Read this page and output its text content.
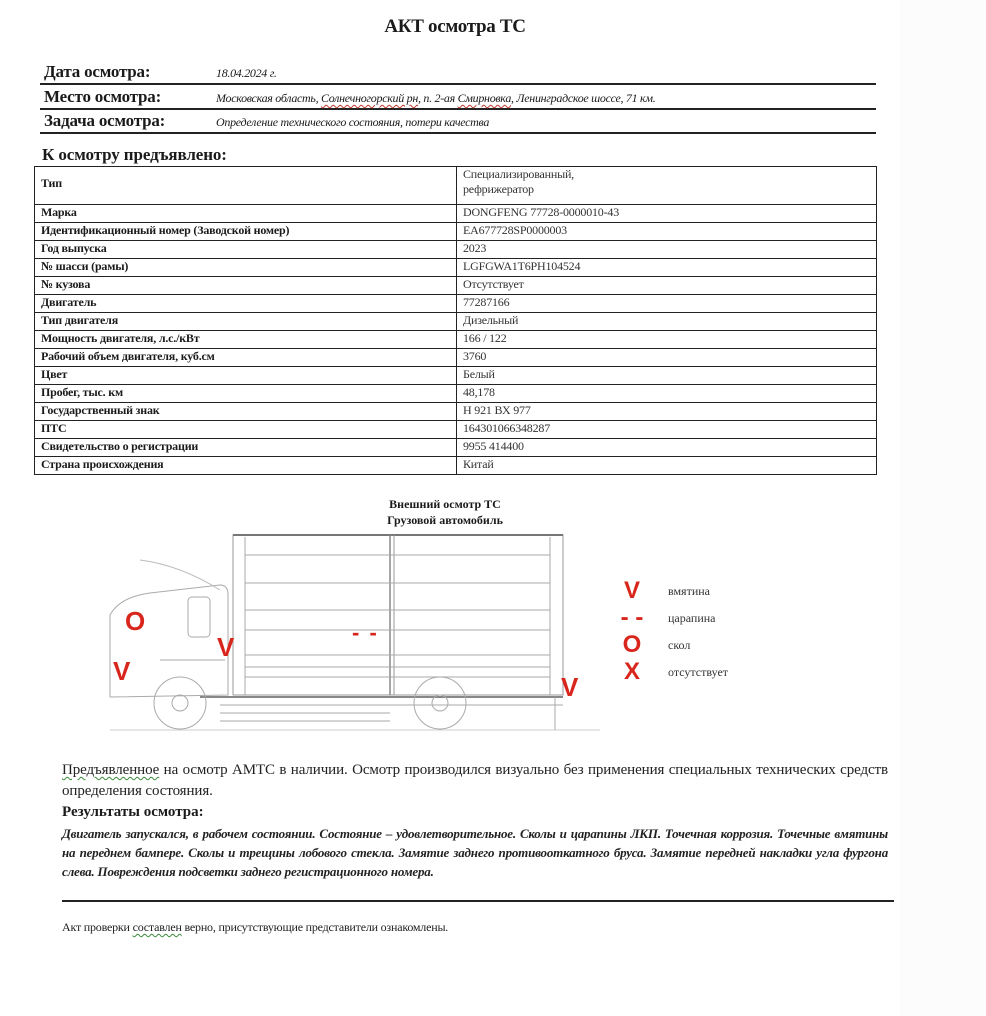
АКТ осмотра ТС
Дата осмотра:	18.04.2024 г.
Место осмотра:	Московская область, Солнечногорский рн, п. 2-ая Смирновка, Ленинградское шоссе, 71 км.
Задача осмотра:	Определение технического состояния, потери качества
К осмотру предъявлено:
Тип	Специализированный,
рефрижератор

Марка	DONGFENG 77728-0000010-43
Идентификационный номер (Заводской номер)	EA677728SP0000003
Год выпуска	2023
№ шасси (рамы)	LGFGWA1T6PH104524
№ кузова	Отсутствует
Двигатель	77287166
Тип двигателя	Дизельный
Мощность двигателя, л.с./кВт	166 / 122
Рабочий объем двигателя, куб.см	3760
Цвет	Белый
Пробег, тыс. км	48,178
Государственный знак	Н 921 ВХ 977
ПТС	164301066348287
Свидетельство о регистрации	9955 414400
Страна происхождения	Китай
Внешний осмотр ТС
Грузовой автомобиль
O
V
V	- -
V
V	вмятина
- - царапина
O скол
X	отсутствует
Предъявленное на осмотр АМТС в наличии. Осмотр производился визуально без применения специальных технических средств определения состояния.
Результаты осмотра:
Двигатель запускался, в рабочем состоянии. Состояние – удовлетворительное. Сколы и царапины ЛКП. Точечная коррозия. Точечные вмятины на переднем бампере. Сколы и трещины лобового стекла. Замятие заднего противооткатного бруса. Замятие передней накладки угла фургона слева. Повреждения подсветки заднего регистрационного номера.
Акт проверки составлен верно, присутствующие представители ознакомлены.
